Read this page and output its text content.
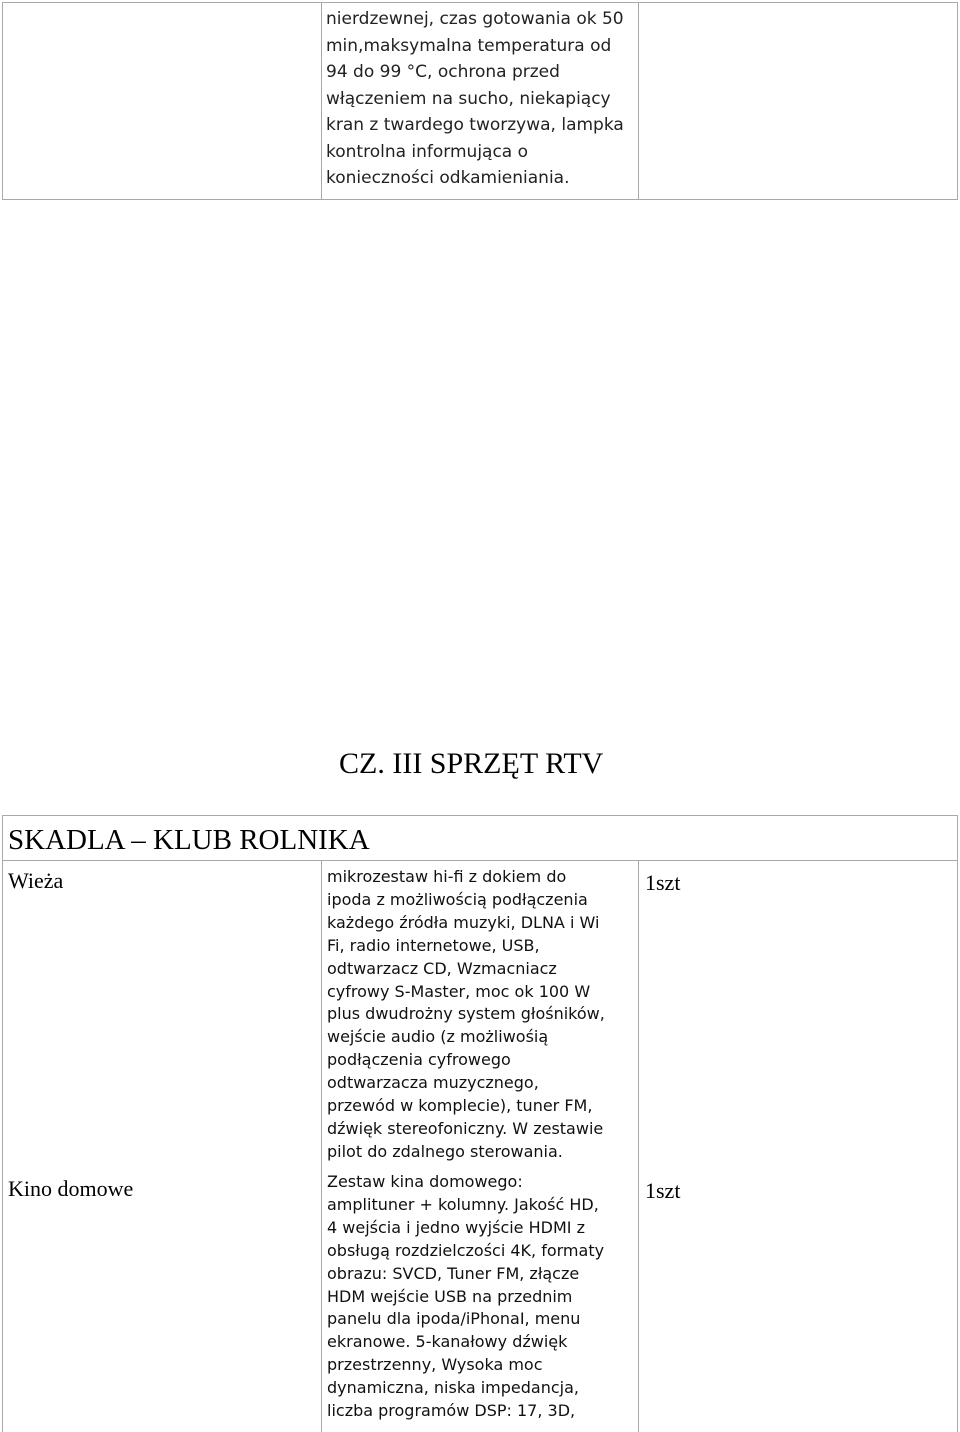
nierdzewnej, czas gotowania ok 50
min,maksymalna temperatura od
94 do 99 °C, ochrona przed
włączeniem na sucho, niekapiący
kran z twardego tworzywa, lampka
kontrolna informująca o
konieczności odkamieniania.

CZ. III SPRZĘT RTV
SKADLA – KLUB ROLNIKA
Wieża	mikrozestaw hi-fi z dokiem do
ipoda z możliwością podłączenia
każdego źródła muzyki, DLNA i Wi
Fi, radio internetowe, USB,
odtwarzacz CD, Wzmacniacz
cyfrowy S-Master, moc ok 100 W
plus dwudrożny system głośników,
wejście audio (z możliwośią
podłączenia cyfrowego
odtwarzacza muzycznego,
przewód w komplecie), tuner FM,
dźwięk stereofoniczny. W zestawie
pilot do zdalnego sterowania.

1szt
Kino domowe	Zestaw kina domowego:
amplituner + kolumny. Jakość HD,
4 wejścia i jedno wyjście HDMI z
obsługą rozdzielczości 4K, formaty
obrazu: SVCD, Tuner FM, złącze
HDM wejście USB na przednim
panelu dla ipoda/iPhonaI, menu
ekranowe. 5-kanałowy dźwięk
przestrzenny, Wysoka moc
dynamiczna, niska impedancja,
liczba programów DSP: 17, 3D,

1szt
